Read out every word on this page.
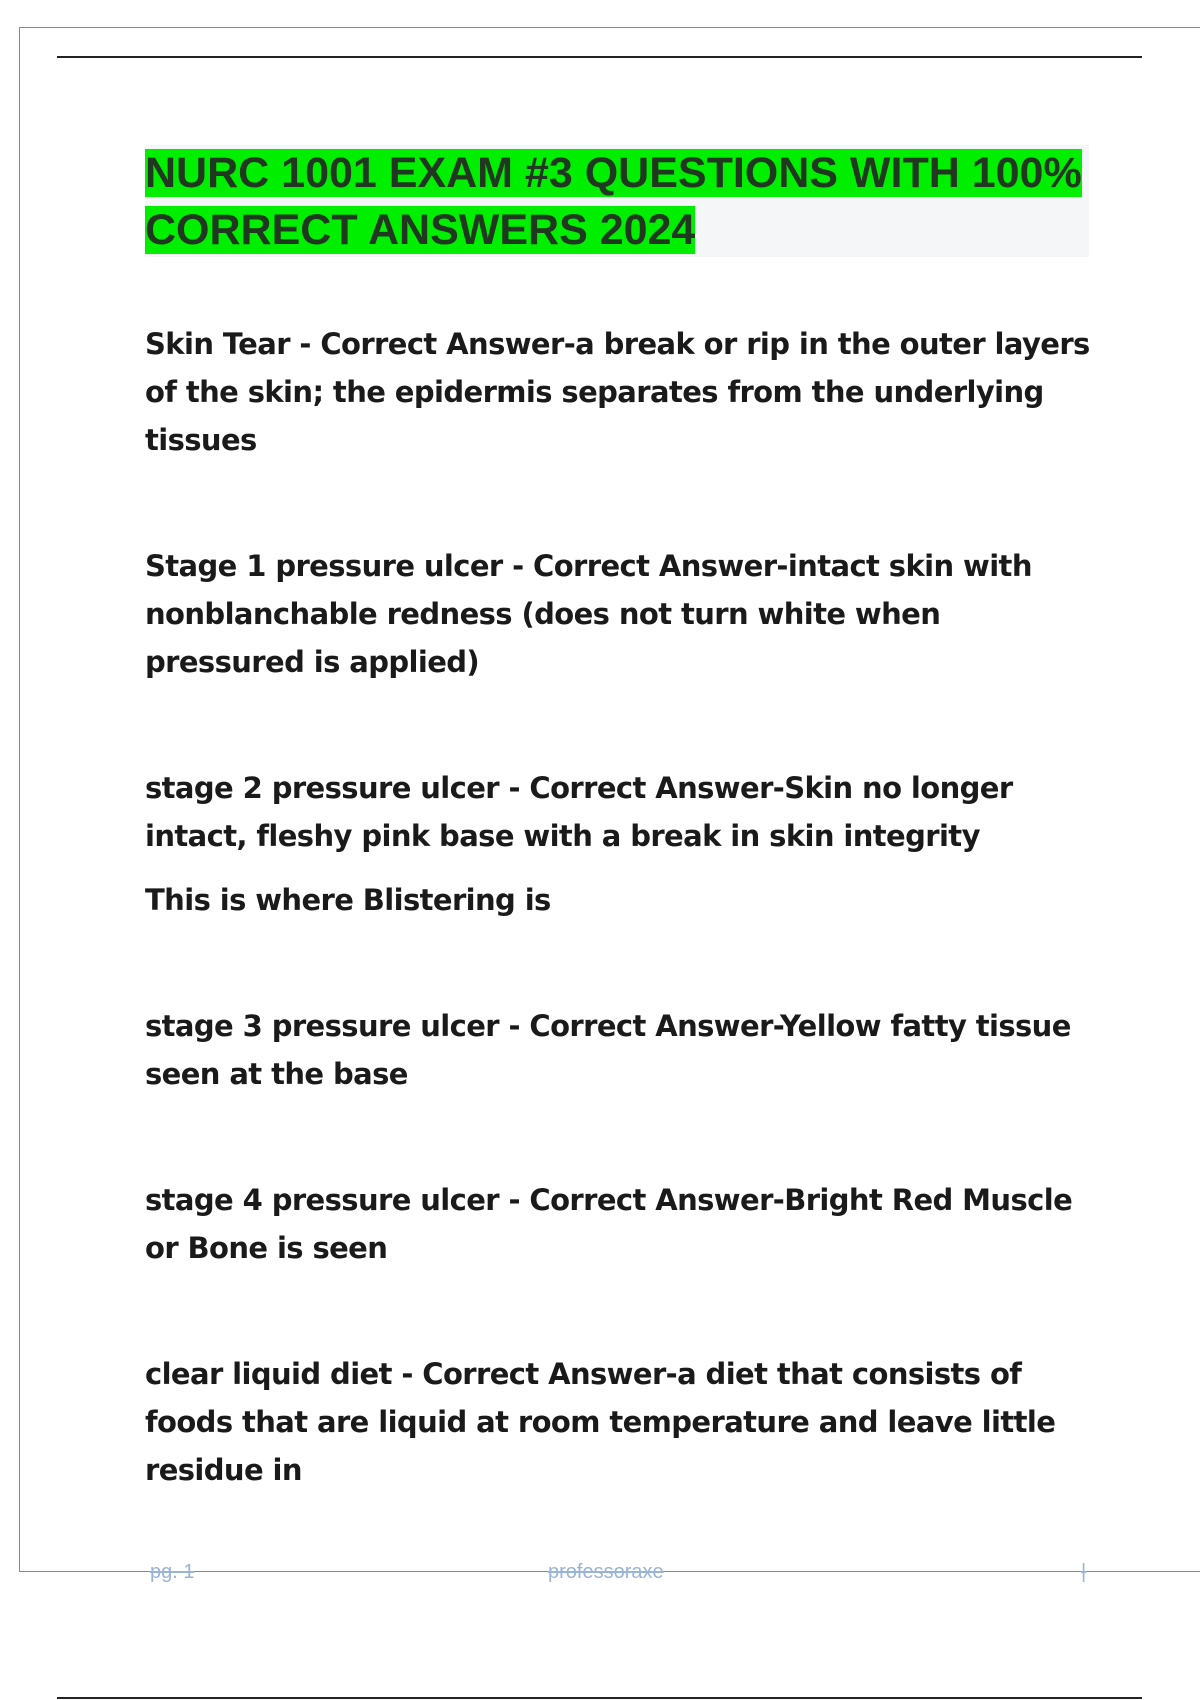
NURC 1001 EXAM #3 QUESTIONS WITH 100% CORRECT ANSWERS 2024

Skin Tear - Correct Answer-a break or rip in the outer layers of the skin; the epidermis separates from the underlying tissues

Stage 1 pressure ulcer - Correct Answer-intact skin with nonblanchable redness (does not turn white when pressured is applied)

stage 2 pressure ulcer - Correct Answer-Skin no longer intact, fleshy pink base with a break in skin integrity

This is where Blistering is

stage 3 pressure ulcer - Correct Answer-Yellow fatty tissue seen at the base

stage 4 pressure ulcer - Correct Answer-Bright Red Muscle or Bone is seen

clear liquid diet - Correct Answer-a diet that consists of foods that are liquid at room temperature and leave little residue in

pg. 1	professoraxe	|
